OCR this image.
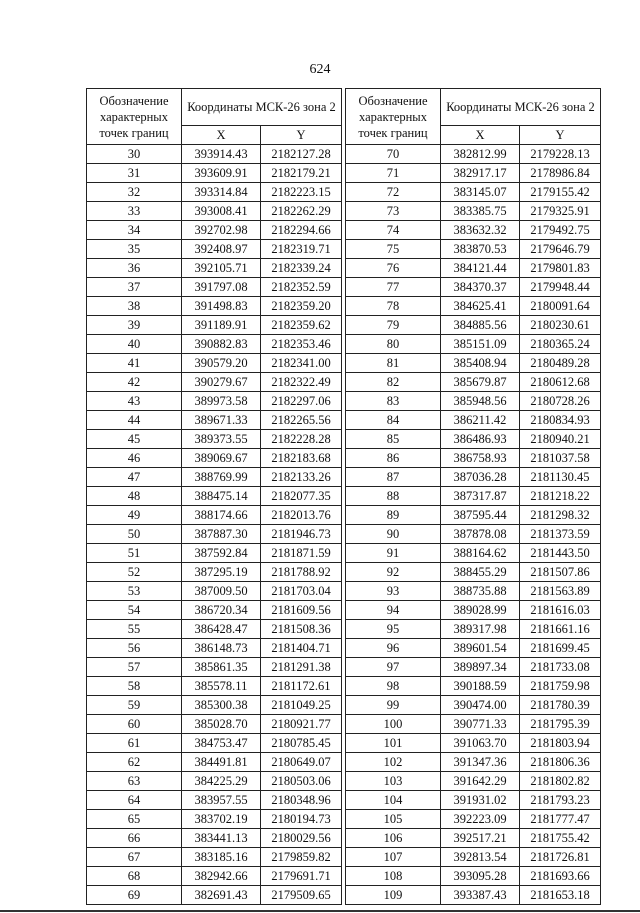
624
Обозначение характерных точек границ	Координаты МСК-26 зона 2	
	X	Y
30	393914.43	2182127.28
31	393609.91	2182179.21
32	393314.84	2182223.15
33	393008.41	2182262.29
34	392702.98	2182294.66
35	392408.97	2182319.71
36	392105.71	2182339.24
37	391797.08	2182352.59
38	391498.83	2182359.20
39	391189.91	2182359.62
40	390882.83	2182353.46
41	390579.20	2182341.00
42	390279.67	2182322.49
43	389973.58	2182297.06
44	389671.33	2182265.56
45	389373.55	2182228.28
46	389069.67	2182183.68
47	388769.99	2182133.26
48	388475.14	2182077.35
49	388174.66	2182013.76
50	387887.30	2181946.73
51	387592.84	2181871.59
52	387295.19	2181788.92
53	387009.50	2181703.04
54	386720.34	2181609.56
55	386428.47	2181508.36
56	386148.73	2181404.71
57	385861.35	2181291.38
58	385578.11	2181172.61
59	385300.38	2181049.25
60	385028.70	2180921.77
61	384753.47	2180785.45
62	384491.81	2180649.07
63	384225.29	2180503.06
64	383957.55	2180348.96
65	383702.19	2180194.73
66	383441.13	2180029.56
67	383185.16	2179859.82
68	382942.66	2179691.71
69	382691.43	2179509.65
Обозначение характерных точек границ	Координаты МСК-26 зона 2	
	X	Y
70	382812.99	2179228.13
71	382917.17	2178986.84
72	383145.07	2179155.42
73	383385.75	2179325.91
74	383632.32	2179492.75
75	383870.53	2179646.79
76	384121.44	2179801.83
77	384370.37	2179948.44
78	384625.41	2180091.64
79	384885.56	2180230.61
80	385151.09	2180365.24
81	385408.94	2180489.28
82	385679.87	2180612.68
83	385948.56	2180728.26
84	386211.42	2180834.93
85	386486.93	2180940.21
86	386758.93	2181037.58
87	387036.28	2181130.45
88	387317.87	2181218.22
89	387595.44	2181298.32
90	387878.08	2181373.59
91	388164.62	2181443.50
92	388455.29	2181507.86
93	388735.88	2181563.89
94	389028.99	2181616.03
95	389317.98	2181661.16
96	389601.54	2181699.45
97	389897.34	2181733.08
98	390188.59	2181759.98
99	390474.00	2181780.39
100	390771.33	2181795.39
101	391063.70	2181803.94
102	391347.36	2181806.36
103	391642.29	2181802.82
104	391931.02	2181793.23
105	392223.09	2181777.47
106	392517.21	2181755.42
107	392813.54	2181726.81
108	393095.28	2181693.66
109	393387.43	2181653.18
